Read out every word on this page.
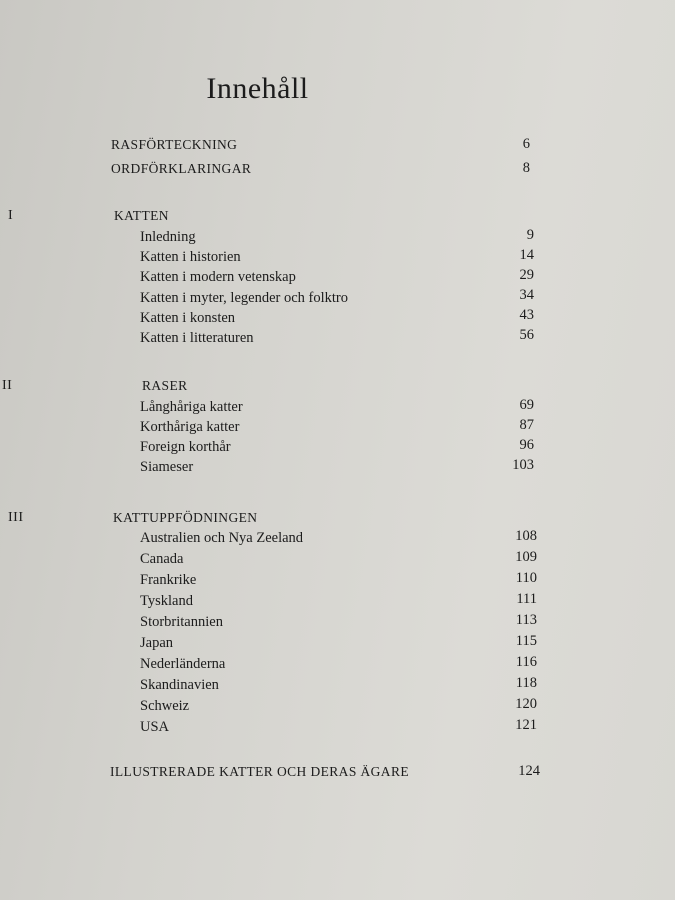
Innehåll
RASFÖRTECKNING	6
ORDFÖRKLARINGAR	8
I	KATTEN
Inledning	9
Katten i historien	14
Katten i modern vetenskap	29
Katten i myter, legender och folktro	34
Katten i konsten	43
Katten i litteraturen	56
II	RASER
Långhåriga katter	69
Korthåriga katter	87
Foreign korthår	96
Siameser	103
III	KATTUPPFÖDNINGEN
Australien och Nya Zeeland	108
Canada	109
Frankrike	110
Tyskland	111
Storbritannien	113
Japan	115
Nederländerna	116
Skandinavien	118
Schweiz	120
USA	121
ILLUSTRERADE KATTER OCH DERAS ÄGARE	124
